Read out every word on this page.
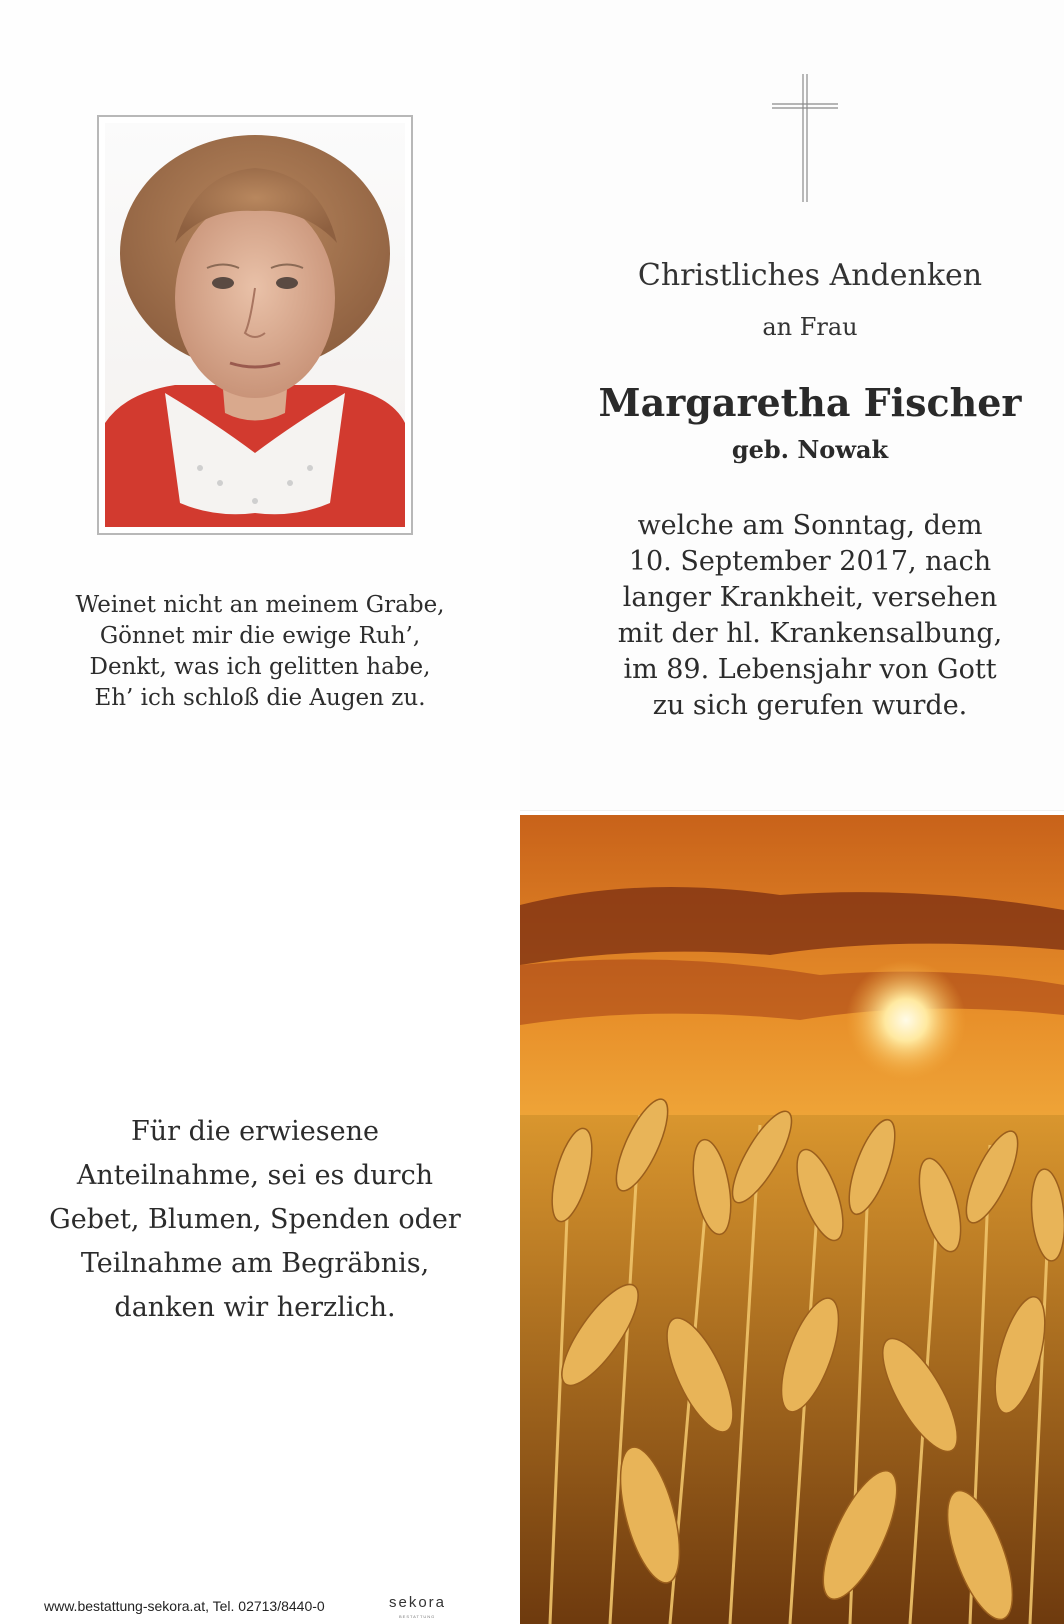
Weinet nicht an meinem Grabe,
Gönnet mir die ewige Ruh’,
Denkt, was ich gelitten habe,
Eh’ ich schloß die Augen zu.
Christliches Andenken
an Frau
Margaretha Fischer
geb. Nowak
welche am Sonntag, dem
10. September 2017, nach
langer Krankheit, versehen
mit der hl. Krankensalbung,
im 89. Lebensjahr von Gott
zu sich gerufen wurde.
Für die erwiesene
Anteilnahme, sei es durch
Gebet, Blumen, Spenden oder
Teilnahme am Begräbnis,
danken wir herzlich.
www.bestattung-sekora.at, Tel. 02713/8440-0	sekora
BESTATTUNG
